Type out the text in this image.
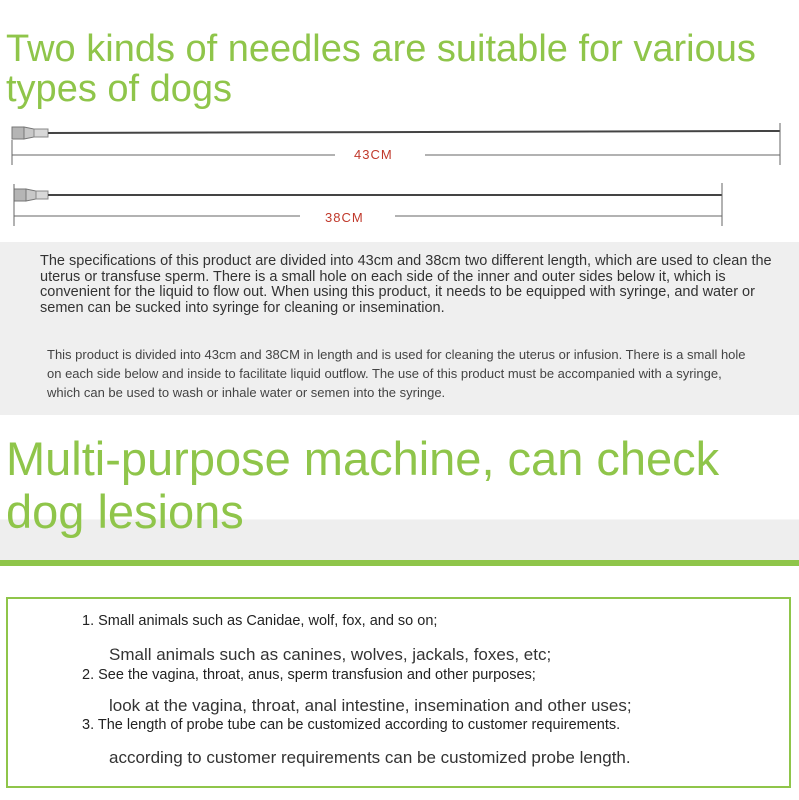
Two kinds of needles are suitable for various types of dogs
43CM
38CM

The specifications of this product are divided into 43cm and 38cm two different length, which are used to clean the uterus or transfuse sperm. There is a small hole on each side of the inner and outer sides below it, which is convenient for the liquid to flow out. When using this product, it needs to be equipped with syringe, and water or semen can be sucked into syringe for cleaning or insemination.

This product is divided into 43cm and 38CM in length and is used for cleaning the uterus or infusion. There is a small hole on each side below and inside to facilitate liquid outflow. The use of this product must be accompanied with a syringe, which can be used to wash or inhale water or semen into the syringe.

Multi-purpose machine, can check dog lesions
1. Small animals such as Canidae, wolf, fox, and so on;
Small animals such as canines, wolves, jackals, foxes, etc;
2. See the vagina, throat, anus, sperm transfusion and other purposes;
look at the vagina, throat, anal intestine, insemination and other uses;
3. The length of probe tube can be customized according to customer requirements.
according to customer requirements can be customized probe length.
